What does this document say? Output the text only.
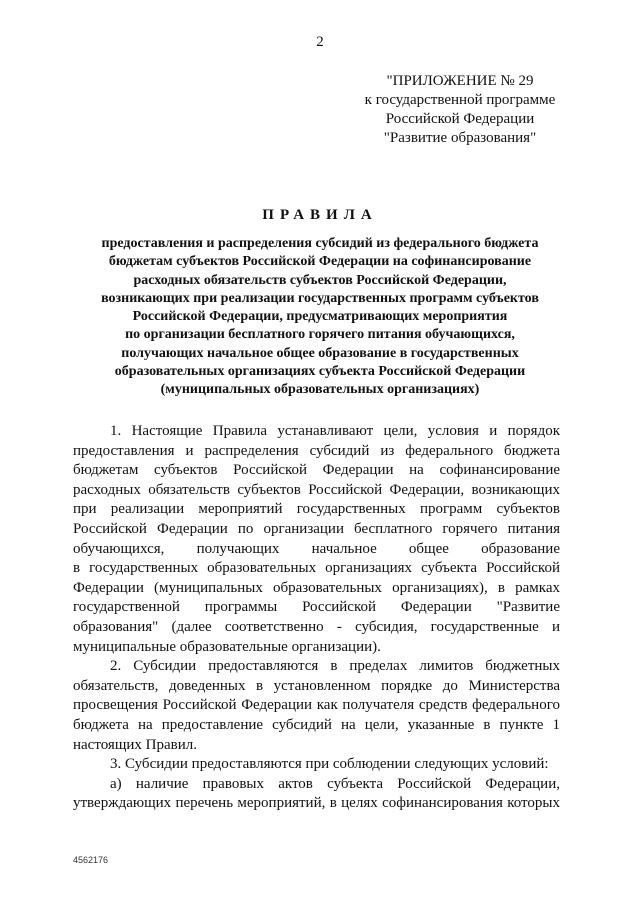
2
"ПРИЛОЖЕНИЕ № 29
к государственной программе
Российской Федерации
"Развитие образования"
ПРАВИЛА
предоставления и распределения субсидий из федерального бюджета
бюджетам субъектов Российской Федерации на софинансирование
расходных обязательств субъектов Российской Федерации,
возникающих при реализации государственных программ субъектов
Российской Федерации, предусматривающих мероприятия
по организации бесплатного горячего питания обучающихся,
получающих начальное общее образование в государственных
образовательных организациях субъекта Российской Федерации
(муниципальных образовательных организациях)
1. Настоящие Правила устанавливают цели, условия и порядок
предоставления и распределения субсидий из федерального бюджета
бюджетам субъектов Российской Федерации на софинансирование
расходных обязательств субъектов Российской Федерации, возникающих
при реализации мероприятий государственных программ субъектов
Российской Федерации по организации бесплатного горячего питания
обучающихся, получающих начальное общее образование
в государственных образовательных организациях субъекта Российской
Федерации (муниципальных образовательных организациях), в рамках
государственной программы Российской Федерации "Развитие
образования" (далее соответственно - субсидия, государственные и
муниципальные образовательные организации).
2. Субсидии предоставляются в пределах лимитов бюджетных
обязательств, доведенных в установленном порядке до Министерства
просвещения Российской Федерации как получателя средств федерального
бюджета на предоставление субсидий на цели, указанные в пункте 1
настоящих Правил.
3. Субсидии предоставляются при соблюдении следующих условий:
а) наличие правовых актов субъекта Российской Федерации,
утверждающих перечень мероприятий, в целях софинансирования которых
4562176
